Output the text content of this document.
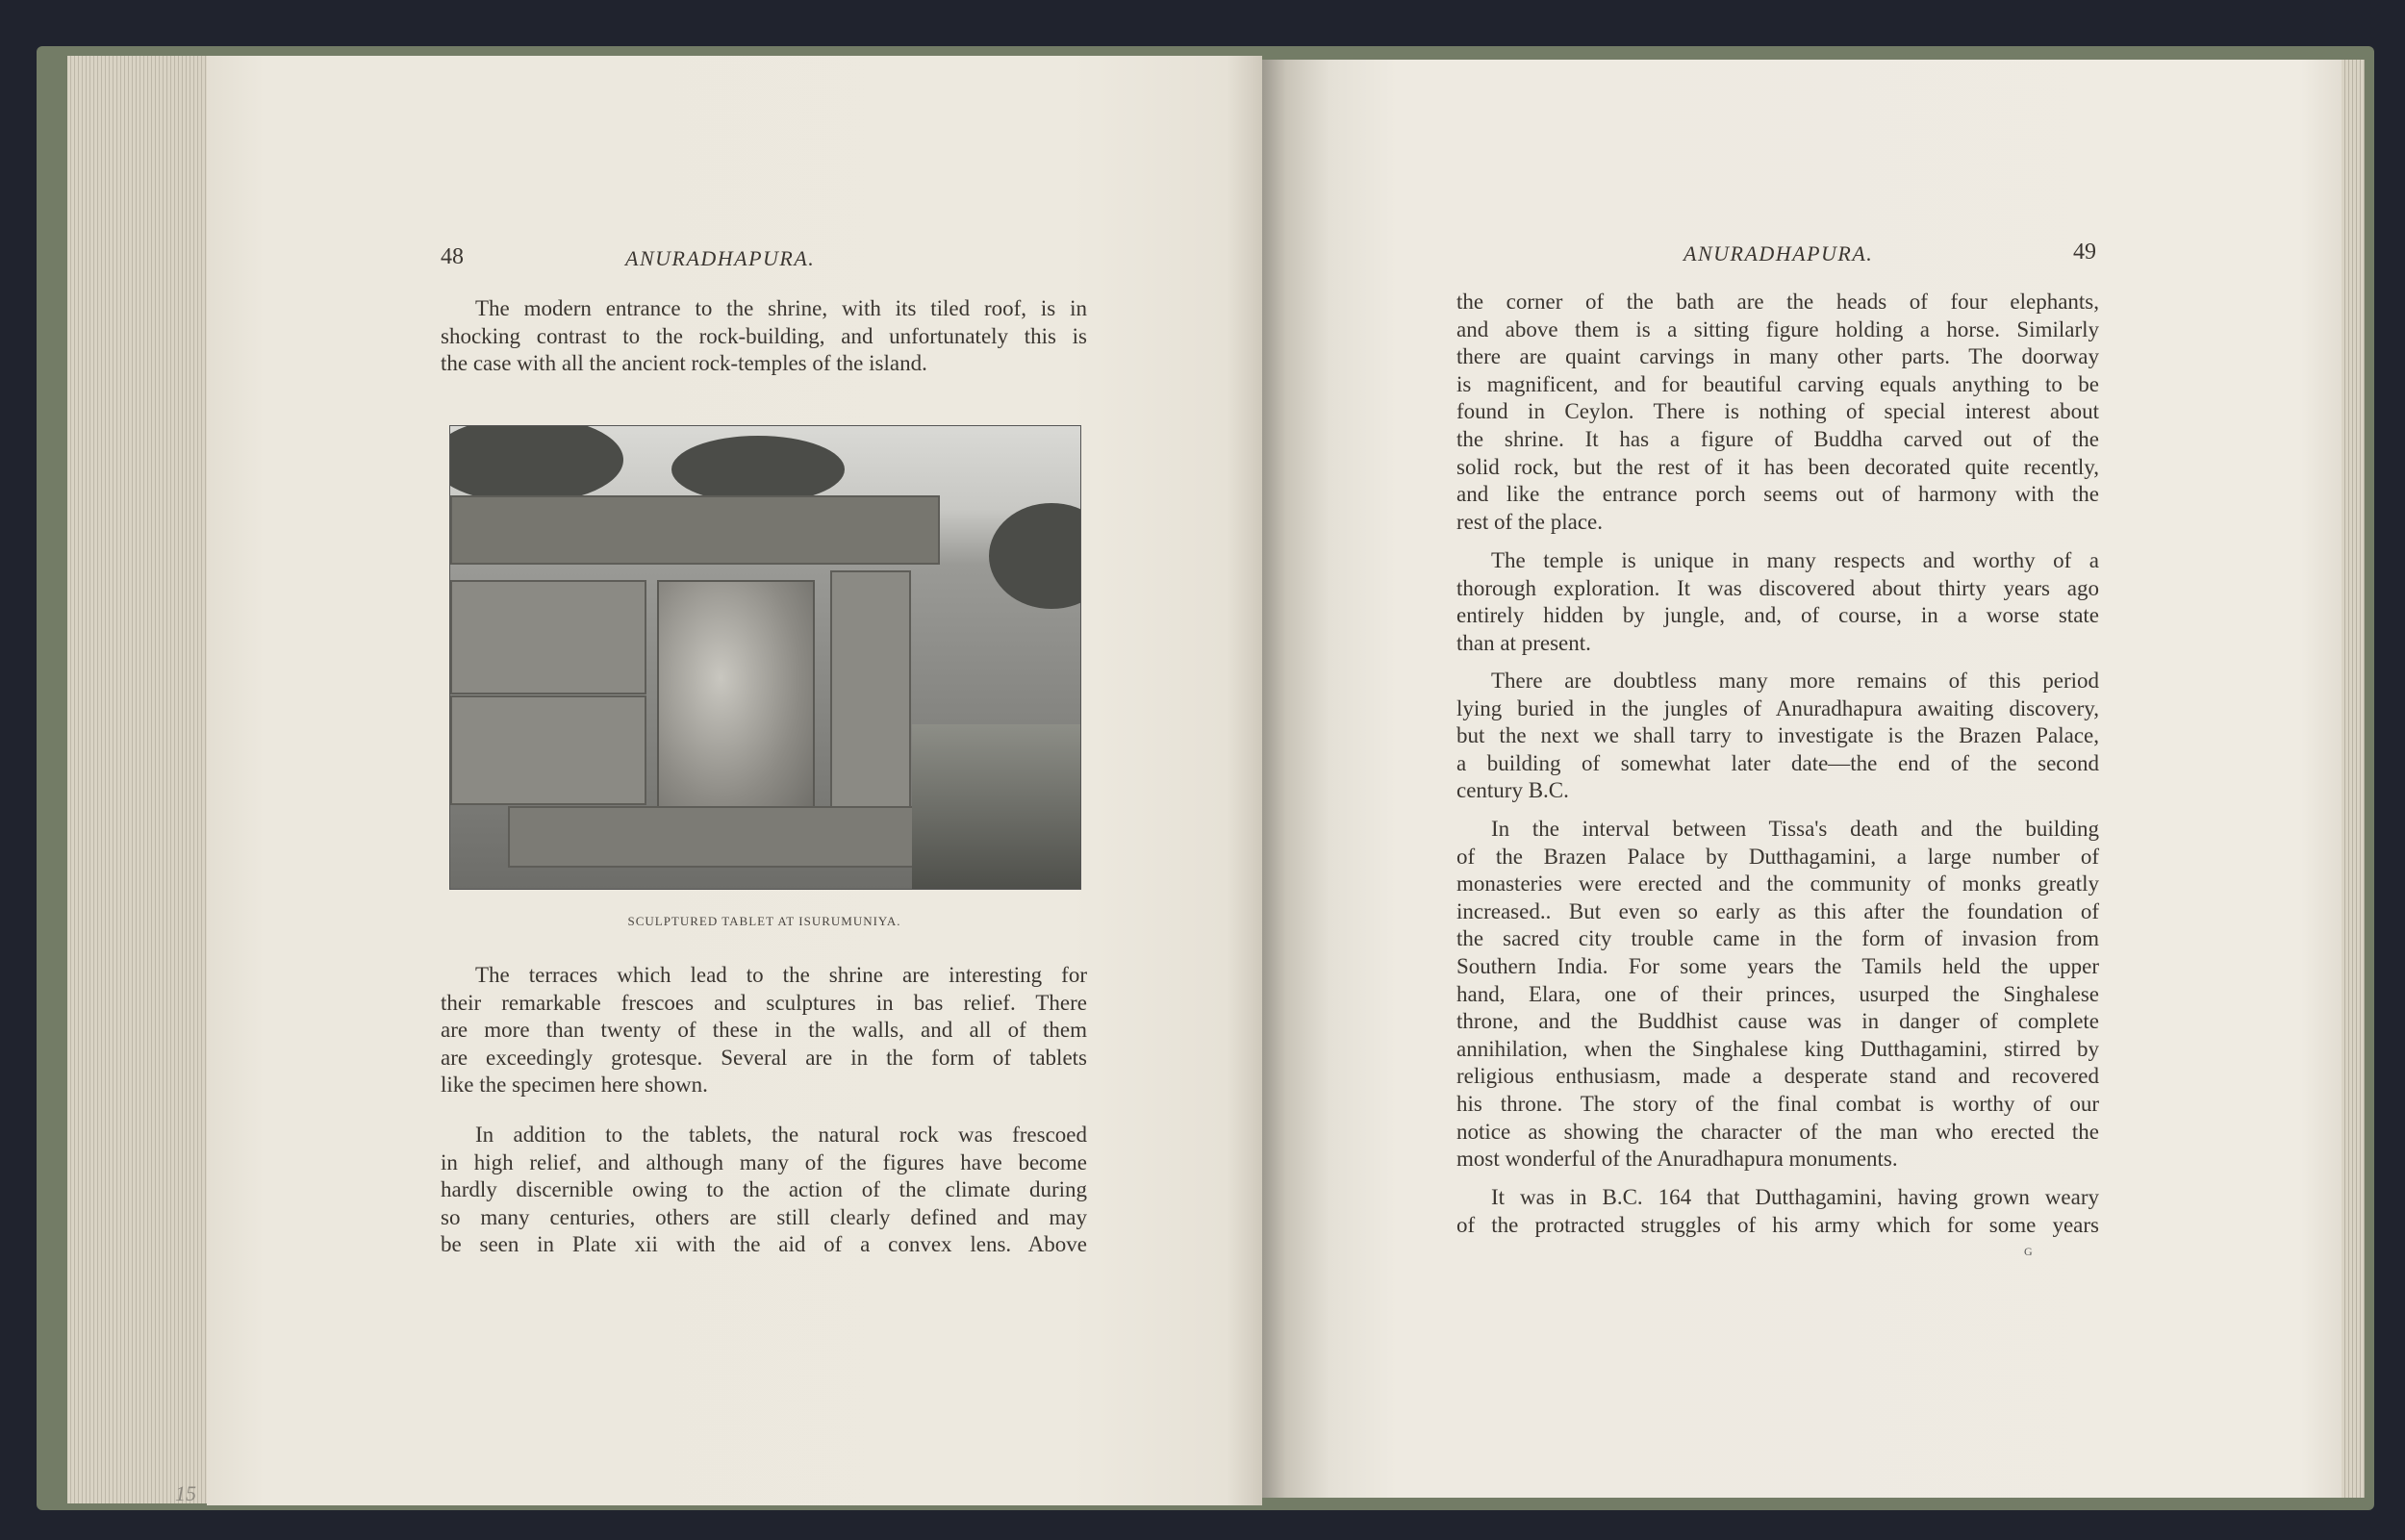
48	ANURADHAPURA.	49
ANURADHAPURA.
The modern entrance to the shrine, with its tiled roof, is in
shocking contrast to the rock-building, and unfortunately this is
the case with all the ancient rock-temples of the island.
SCULPTURED TABLET AT ISURUMUNIYA.
The terraces which lead to the shrine are interesting for
their remarkable frescoes and sculptures in bas relief. There
are more than twenty of these in the walls, and all of them
are exceedingly grotesque. Several are in the form of tablets
like the specimen here shown.
In addition to the tablets, the natural rock was frescoed
in high relief, and although many of the figures have become
hardly discernible owing to the action of the climate during
so many centuries, others are still clearly defined and may
be seen in Plate xii with the aid of a convex lens. Above
the corner of the bath are the heads of four elephants,
and above them is a sitting figure holding a horse. Similarly
there are quaint carvings in many other parts. The doorway
is magnificent, and for beautiful carving equals anything to be
found in Ceylon. There is nothing of special interest about
the shrine. It has a figure of Buddha carved out of the
solid rock, but the rest of it has been decorated quite recently,
and like the entrance porch seems out of harmony with the
rest of the place.
The temple is unique in many respects and worthy of a
thorough exploration. It was discovered about thirty years ago
entirely hidden by jungle, and, of course, in a worse state
than at present.
There are doubtless many more remains of this period
lying buried in the jungles of Anuradhapura awaiting discovery,
but the next we shall tarry to investigate is the Brazen Palace,
a building of somewhat later date—the end of the second
century B.C.
In the interval between Tissa's death and the building
of the Brazen Palace by Dutthagamini, a large number of
monasteries were erected and the community of monks greatly
increased.. But even so early as this after the foundation of
the sacred city trouble came in the form of invasion from
Southern India. For some years the Tamils held the upper
hand, Elara, one of their princes, usurped the Singhalese
throne, and the Buddhist cause was in danger of complete
annihilation, when the Singhalese king Dutthagamini, stirred by
religious enthusiasm, made a desperate stand and recovered
his throne. The story of the final combat is worthy of our
notice as showing the character of the man who erected the
most wonderful of the Anuradhapura monuments.
It was in B.C. 164 that Dutthagamini, having grown weary
of the protracted struggles of his army which for some years
G
15
